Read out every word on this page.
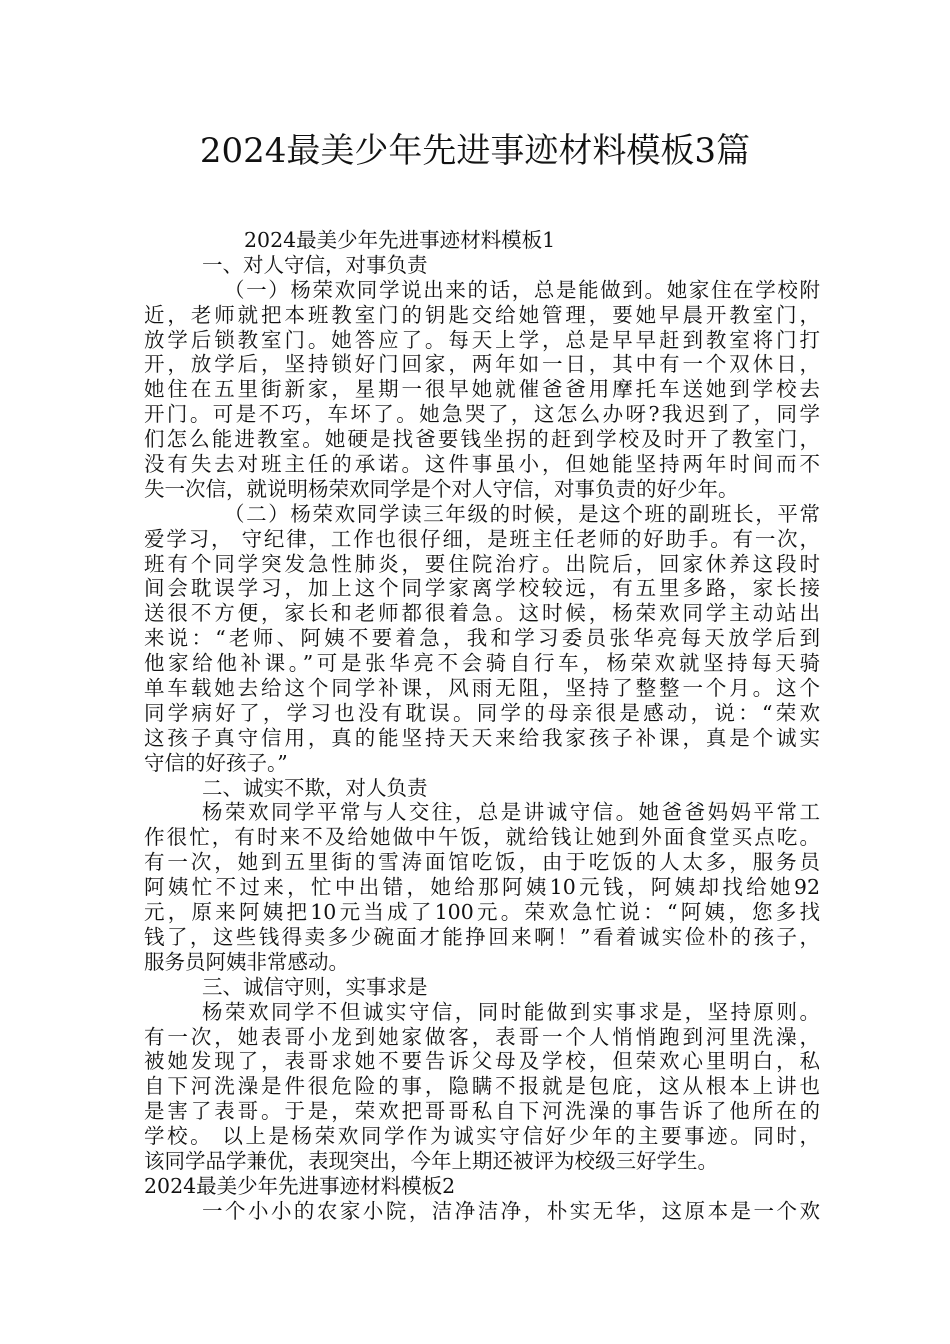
2024最美少年先进事迹材料模板3篇
2024最美少年先进事迹材料模板1
一、对人守信，对事负责
（一）杨荣欢同学说出来的话，总是能做到。她家住在学校附
近，老师就把本班教室门的钥匙交给她管理，要她早晨开教室门，
放学后锁教室门。她答应了。每天上学，总是早早赶到教室将门打
开，放学后，坚持锁好门回家，两年如一日，其中有一个双休日，
她住在五里街新家，星期一很早她就催爸爸用摩托车送她到学校去
开门。可是不巧，车坏了。她急哭了，这怎么办呀?我迟到了，同学
们怎么能进教室。她硬是找爸要钱坐拐的赶到学校及时开了教室门，
没有失去对班主任的承诺。这件事虽小，但她能坚持两年时间而不
失一次信，就说明杨荣欢同学是个对人守信，对事负责的好少年。
（二）杨荣欢同学读三年级的时候，是这个班的副班长，平常
爱学习， 守纪律，工作也很仔细，是班主任老师的好助手。有一次，
班有个同学突发急性肺炎，要住院治疗。出院后，回家休养这段时
间会耽误学习，加上这个同学家离学校较远，有五里多路，家长接
送很不方便，家长和老师都很着急。这时候，杨荣欢同学主动站出
来说：“老师、阿姨不要着急，我和学习委员张华亮每天放学后到
他家给他补课。”可是张华亮不会骑自行车，杨荣欢就坚持每天骑
单车载她去给这个同学补课，风雨无阻，坚持了整整一个月。这个
同学病好了，学习也没有耽误。同学的母亲很是感动，说：“荣欢
这孩子真守信用，真的能坚持天天来给我家孩子补课，真是个诚实
守信的好孩子。”
二、诚实不欺，对人负责
杨荣欢同学平常与人交往，总是讲诚守信。她爸爸妈妈平常工
作很忙，有时来不及给她做中午饭，就给钱让她到外面食堂买点吃。
有一次，她到五里街的雪涛面馆吃饭，由于吃饭的人太多，服务员
阿姨忙不过来，忙中出错，她给那阿姨10元钱，阿姨却找给她92
元，原来阿姨把10元当成了100元。荣欢急忙说：“阿姨，您多找
钱了，这些钱得卖多少碗面才能挣回来啊！”看着诚实俭朴的孩子，
服务员阿姨非常感动。
三、诚信守则，实事求是
杨荣欢同学不但诚实守信，同时能做到实事求是，坚持原则。
有一次，她表哥小龙到她家做客，表哥一个人悄悄跑到河里洗澡，
被她发现了，表哥求她不要告诉父母及学校，但荣欢心里明白，私
自下河洗澡是件很危险的事，隐瞒不报就是包庇，这从根本上讲也
是害了表哥。于是，荣欢把哥哥私自下河洗澡的事告诉了他所在的
学校。 以上是杨荣欢同学作为诚实守信好少年的主要事迹。同时，
该同学品学兼优，表现突出，今年上期还被评为校级三好学生。
2024最美少年先进事迹材料模板2
一个小小的农家小院，洁净洁净，朴实无华，这原本是一个欢
